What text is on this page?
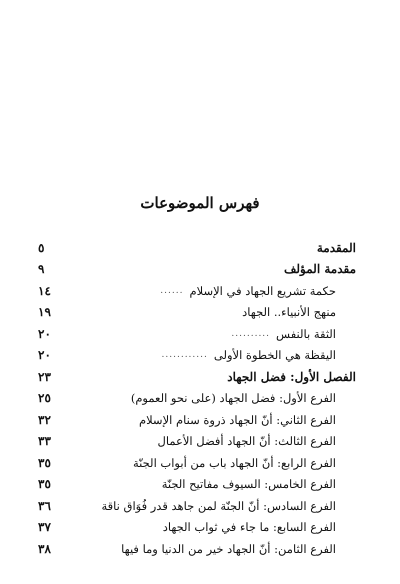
فهرس الموضوعات
المقدمة
٥
مقدمة المؤلف
٩
حكمة تشريع الجهاد في الإسلام
......
١٤
منهج الأنبياء.. الجهاد
١٩
الثقة بالنفس
..........
٢٠
اليقظة هي الخطوة الأولى
............
٢٠
الفصل الأول: فضل الجهاد
٢٣
الفرع الأول: فضل الجهاد (على نحو العموم)
٢٥
الفرع الثاني: أنّ الجهاد ذروة سنام الإسلام
٣٢
الفرع الثالث: أنّ الجهاد أفضل الأعمال
٣٣
الفرع الرابع: أنّ الجهاد باب من أبواب الجنّة
٣٥
الفرع الخامس: السيوف مفاتيح الجنّة
٣٥
الفرع السادس: أنّ الجنّة لمن جاهد قدر فُوَاق ناقة
٣٦
الفرع السابع: ما جاء في ثواب الجهاد
٣٧
الفرع الثامن: أنّ الجهاد خير من الدنيا وما فيها
٣٨
